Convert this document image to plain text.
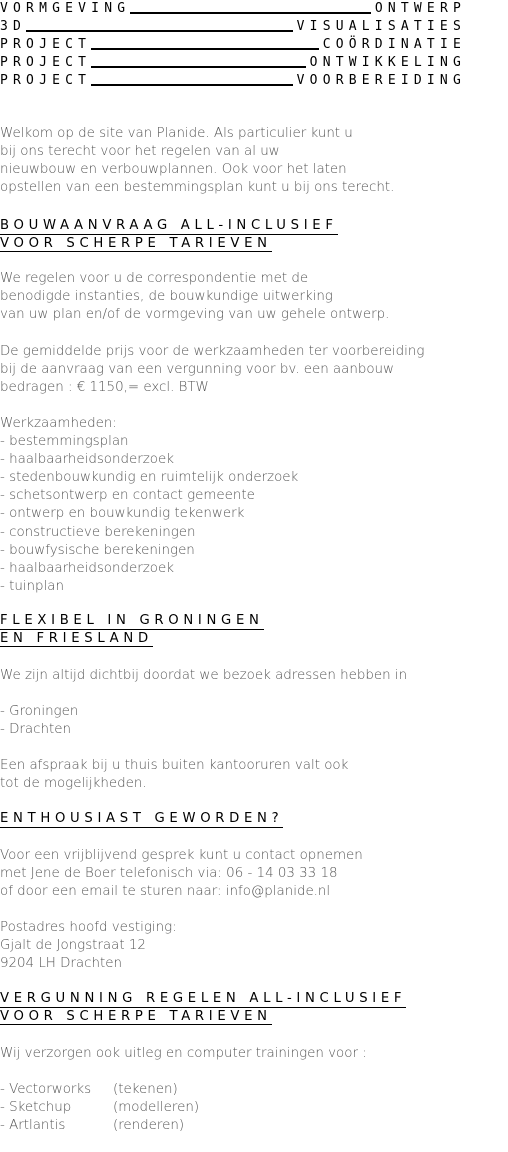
VORMGEVING	ONTWERP
3D	VISUALISATIES
PROJECT	COÖRDINATIE
PROJECT	ONTWIKKELING
PROJECT	VOORBEREIDING
Welkom op de site van Planide. Als particulier kunt u
bij ons terecht voor het regelen van al uw
nieuwbouw en verbouwplannen. Ook voor het laten
opstellen van een bestemmingsplan kunt u bij ons terecht.
BOUWAANVRAAG ALL-INCLUSIEF
VOOR SCHERPE TARIEVEN
We regelen voor u de correspondentie met de
benodigde instanties, de bouwkundige uitwerking
van uw plan en/of de vormgeving van uw gehele ontwerp.
De gemiddelde prijs voor de werkzaamheden ter voorbereiding
bij de aanvraag van een vergunning voor bv. een aanbouw
bedragen : € 1150,= excl. BTW
Werkzaamheden:
- bestemmingsplan
- haalbaarheidsonderzoek
- stedenbouwkundig en ruimtelijk onderzoek
- schetsontwerp en contact gemeente
- ontwerp en bouwkundig tekenwerk
- constructieve berekeningen
- bouwfysische berekeningen
- haalbaarheidsonderzoek
- tuinplan
FLEXIBEL IN GRONINGEN
EN FRIESLAND
We zijn altijd dichtbij doordat we bezoek adressen hebben in
- Groningen
- Drachten
Een afspraak bij u thuis buiten kantooruren valt ook
tot de mogelijkheden.
ENTHOUSIAST GEWORDEN?
Voor een vrijblijvend gesprek kunt u contact opnemen
met Jene de Boer telefonisch via: 06 - 14 03 33 18
of door een email te sturen naar: info@planide.nl
Postadres hoofd vestiging:
Gjalt de Jongstraat 12
9204 LH Drachten
VERGUNNING REGELEN ALL-INCLUSIEF
VOOR SCHERPE TARIEVEN
Wij verzorgen ook uitleg en computer trainingen voor :
- Vectorworks (tekenen)
- Sketchup	(modelleren)
- Artlantis	(renderen)
